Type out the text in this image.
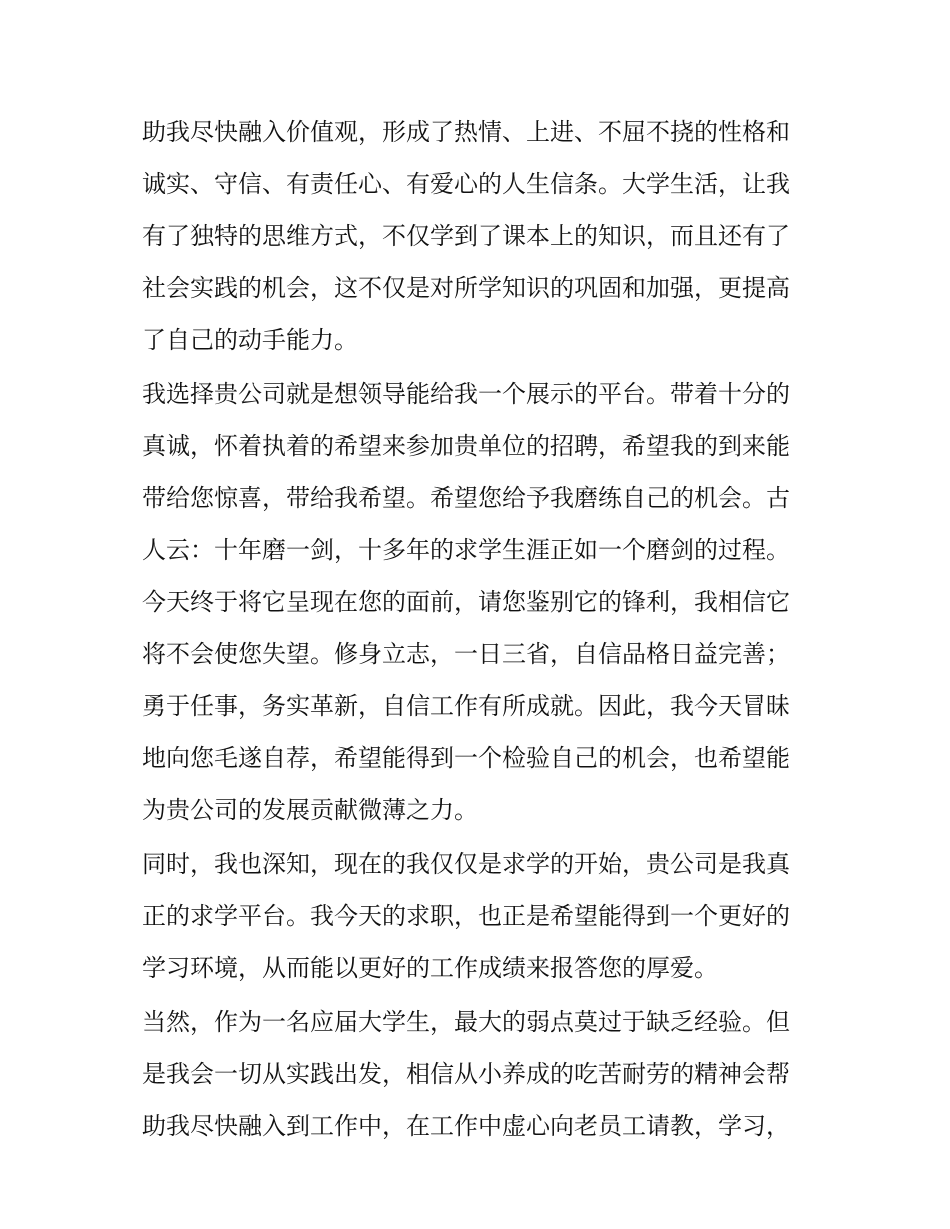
助我尽快融入价值观，形成了热情、上进、不屈不挠的性格和
诚实、守信、有责任心、有爱心的人生信条。大学生活，让我
有了独特的思维方式，不仅学到了课本上的知识，而且还有了
社会实践的机会，这不仅是对所学知识的巩固和加强，更提高
了自己的动手能力。
我选择贵公司就是想领导能给我一个展示的平台。带着十分的
真诚，怀着执着的希望来参加贵单位的招聘，希望我的到来能
带给您惊喜，带给我希望。希望您给予我磨练自己的机会。古
人云：十年磨一剑，十多年的求学生涯正如一个磨剑的过程。
今天终于将它呈现在您的面前，请您鉴别它的锋利，我相信它
将不会使您失望。修身立志，一日三省，自信品格日益完善；
勇于任事，务实革新，自信工作有所成就。因此，我今天冒昧
地向您毛遂自荐，希望能得到一个检验自己的机会，也希望能
为贵公司的发展贡献微薄之力。
同时，我也深知，现在的我仅仅是求学的开始，贵公司是我真
正的求学平台。我今天的求职，也正是希望能得到一个更好的
学习环境，从而能以更好的工作成绩来报答您的厚爱。
当然，作为一名应届大学生，最大的弱点莫过于缺乏经验。但
是我会一切从实践出发，相信从小养成的吃苦耐劳的精神会帮
助我尽快融入到工作中，在工作中虚心向老员工请教，学习，
